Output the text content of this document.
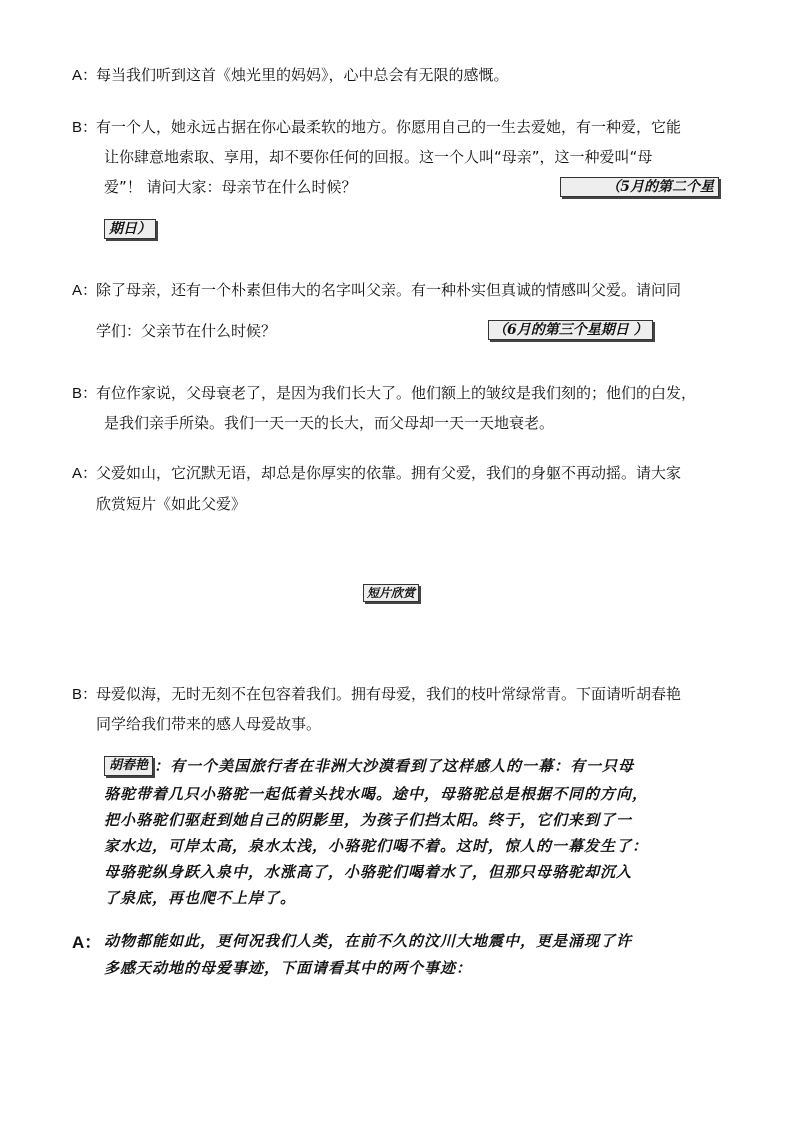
A：
每当我们听到这首《烛光里的妈妈》，心中总会有无限的感慨。
B：
有一个人，她永远占据在你心最柔软的地方。你愿用自己的一生去爱她，有一种爱，它能
让你肆意地索取、享用，却不要你任何的回报。这一个人叫“母亲”，这一种爱叫“母
爱”！ 请问大家：母亲节在什么时候？	（5月的第二个星
期日）
A：
除了母亲，还有一个朴素但伟大的名字叫父亲。有一种朴实但真诚的情感叫父爱。请问同
学们：父亲节在什么时候？	（6月的第三个星期日 ）
B：
有位作家说，父母衰老了，是因为我们长大了。他们额上的皱纹是我们刻的；他们的白发，
是我们亲手所染。我们一天一天的长大，而父母却一天一天地衰老。
A：
父爱如山，它沉默无语，却总是你厚实的依靠。拥有父爱，我们的身躯不再动摇。请大家
欣赏短片《如此父爱》
短片欣赏
B：
母爱似海，无时无刻不在包容着我们。拥有母爱，我们的枝叶常绿常青。下面请听胡春艳
同学给我们带来的感人母爱故事。
胡春艳 ：有一个美国旅行者在非洲大沙漠看到了这样感人的一幕：有一只母
骆驼带着几只小骆驼一起低着头找水喝。途中，母骆驼总是根据不同的方向，
把小骆驼们驱赶到她自己的阴影里，为孩子们挡太阳。终于，它们来到了一
家水边，可岸太高，泉水太浅，小骆驼们喝不着。这时，惊人的一幕发生了：
母骆驼纵身跃入泉中，水涨高了，小骆驼们喝着水了，但那只母骆驼却沉入
了泉底，再也爬不上岸了。
A： 动物都能如此，更何况我们人类，在前不久的汶川大地震中，更是涌现了许
多感天动地的母爱事迹，下面请看其中的两个事迹：
